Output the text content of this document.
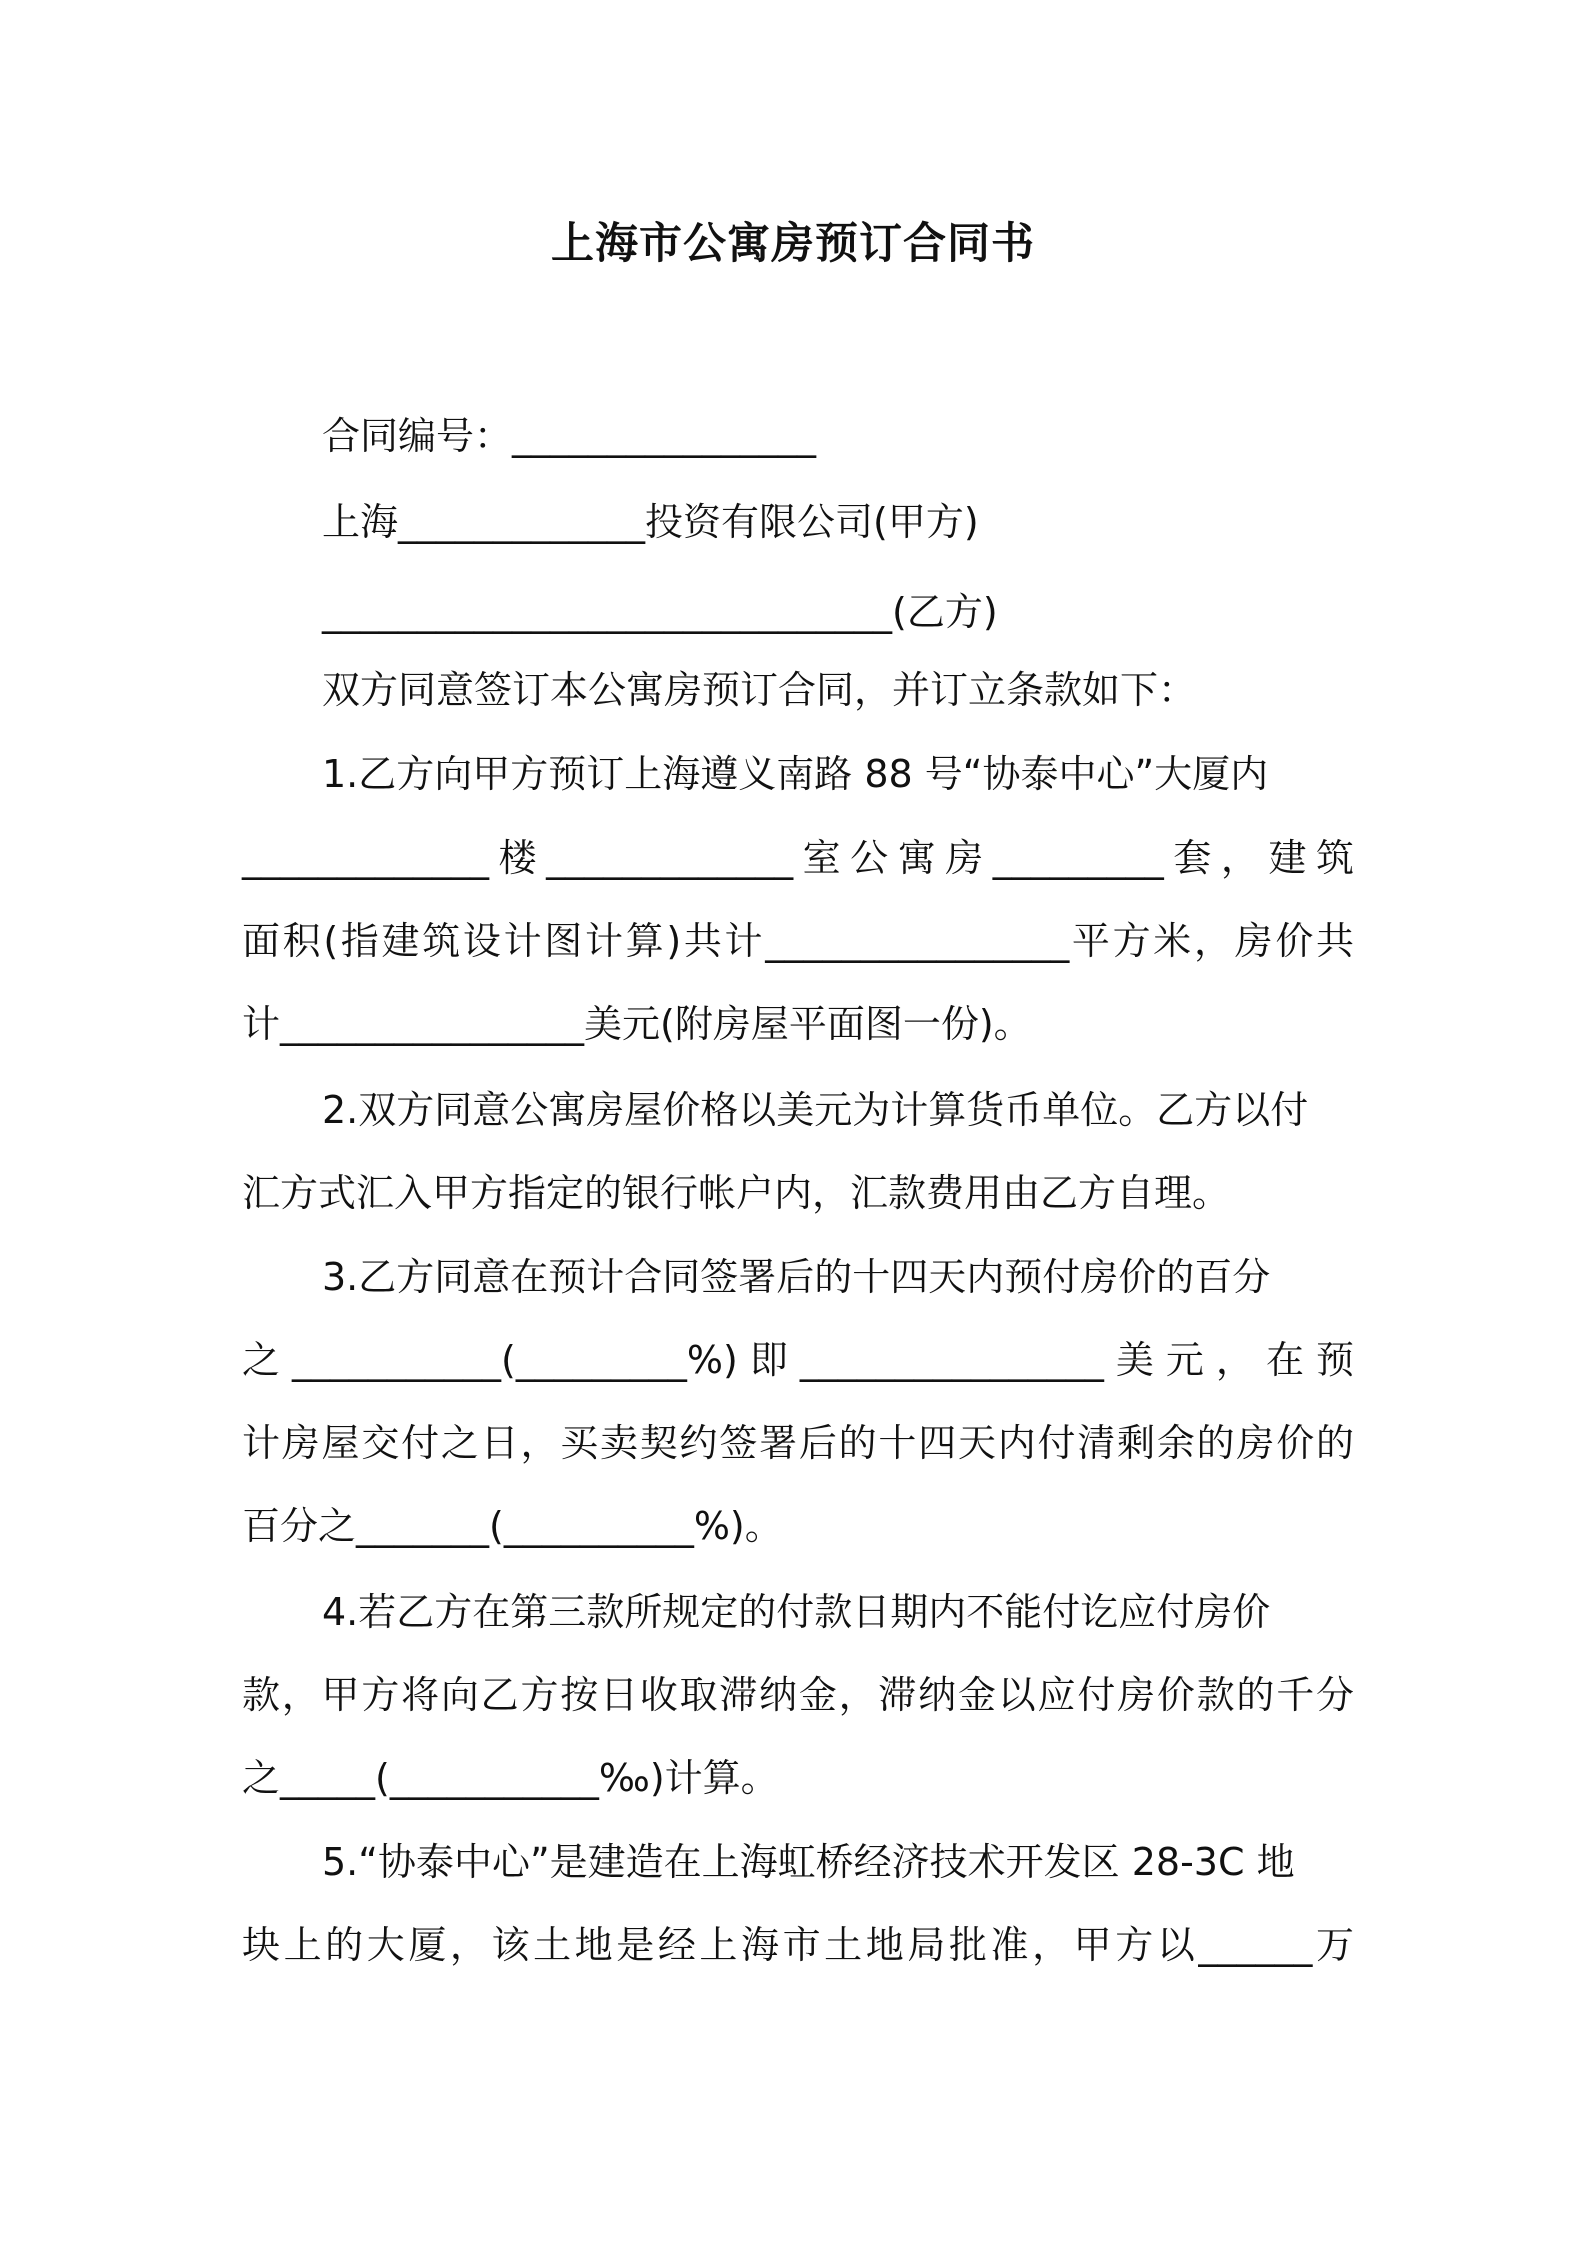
上海市公寓房预订合同书
合同编号：________________
上海_____________投资有限公司(甲方)
______________________________(乙方)
双方同意签订本公寓房预订合同，并订立条款如下：
1.乙方向甲方预订上海遵义南路 88 号“协泰中心”大厦内
_____________楼_____________室公寓房_________套，建筑
面积(指建筑设计图计算)共计________________平方米，房价共
计________________美元(附房屋平面图一份)。
2.双方同意公寓房屋价格以美元为计算货币单位。乙方以付
汇方式汇入甲方指定的银行帐户内，汇款费用由乙方自理。
3.乙方同意在预计合同签署后的十四天内预付房价的百分
之___________(_________%)即________________美元，在预
计房屋交付之日，买卖契约签署后的十四天内付清剩余的房价的
百分之_______(__________%)。
4.若乙方在第三款所规定的付款日期内不能付讫应付房价
款，甲方将向乙方按日收取滞纳金，滞纳金以应付房价款的千分
之_____(___________‰)计算。
5.“协泰中心”是建造在上海虹桥经济技术开发区 28-3C 地
块上的大厦，该土地是经上海市土地局批准，甲方以______万
